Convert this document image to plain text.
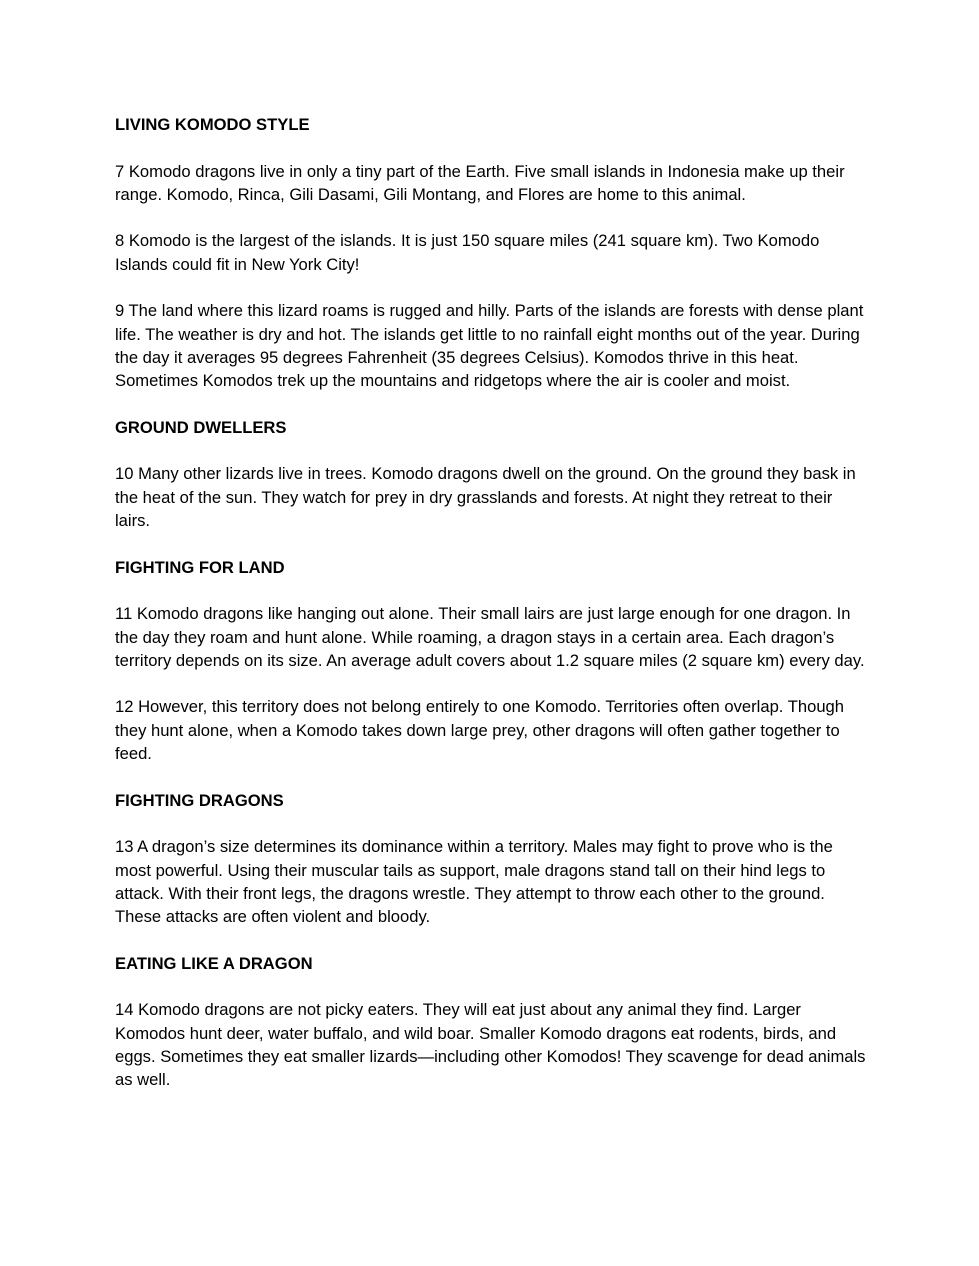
LIVING KOMODO STYLE
7 Komodo dragons live in only a tiny part of the Earth. Five small islands in Indonesia make up their range. Komodo, Rinca, Gili Dasami, Gili Montang, and Flores are home to this animal.
8 Komodo is the largest of the islands. It is just 150 square miles (241 square km). Two Komodo Islands could fit in New York City!
9 The land where this lizard roams is rugged and hilly. Parts of the islands are forests with dense plant life. The weather is dry and hot. The islands get little to no rainfall eight months out of the year. During the day it averages 95 degrees Fahrenheit (35 degrees Celsius). Komodos thrive in this heat. Sometimes Komodos trek up the mountains and ridgetops where the air is cooler and moist.
GROUND DWELLERS
10 Many other lizards live in trees. Komodo dragons dwell on the ground. On the ground they bask in the heat of the sun. They watch for prey in dry grasslands and forests. At night they retreat to their lairs.
FIGHTING FOR LAND
11 Komodo dragons like hanging out alone. Their small lairs are just large enough for one dragon. In the day they roam and hunt alone. While roaming, a dragon stays in a certain area. Each dragon’s territory depends on its size. An average adult covers about 1.2 square miles (2 square km) every day.
12 However, this territory does not belong entirely to one Komodo. Territories often overlap. Though they hunt alone, when a Komodo takes down large prey, other dragons will often gather together to feed.
FIGHTING DRAGONS
13 A dragon’s size determines its dominance within a territory. Males may fight to prove who is the most powerful. Using their muscular tails as support, male dragons stand tall on their hind legs to attack. With their front legs, the dragons wrestle. They attempt to throw each other to the ground. These attacks are often violent and bloody.
EATING LIKE A DRAGON
14 Komodo dragons are not picky eaters. They will eat just about any animal they find. Larger Komodos hunt deer, water buffalo, and wild boar. Smaller Komodo dragons eat rodents, birds, and eggs. Sometimes they eat smaller lizards—including other Komodos! They scavenge for dead animals as well.
